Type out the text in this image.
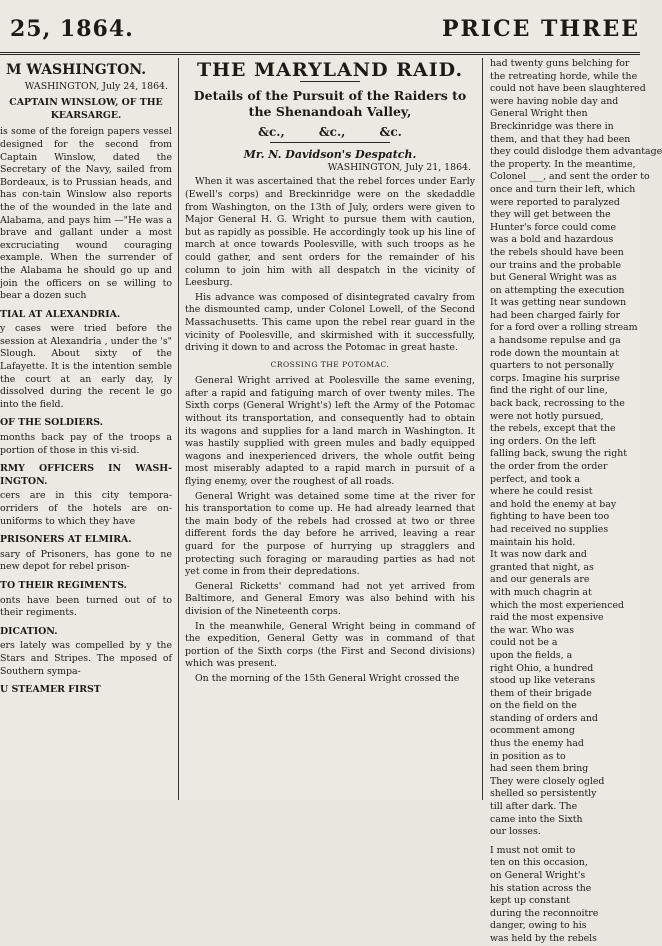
25, 1864.	PRICE THREE
M WASHINGTON.
WASHINGTON, July 24, 1864.
CAPTAIN WINSLOW, OF THE KEARSARGE.

is some of the foreign papers vessel designed for the second from Captain Winslow, dated the Secretary of the Navy, sailed from Bordeaux, is to Prussian heads, and has con-tain Winslow also reports the of the wounded in the late and Alabama, and pays him —"He was a brave and gallant under a most excruciating wound couraging example. When the surrender of the Alabama he should go up and join the officers on se willing to bear a dozen such

TIAL AT ALEXANDRIA.

y cases were tried before the session at Alexandria , under the 's" Slough. About sixty of the Lafayette. It is the intention semble the court at an early day, ly dissolved during the recent le go into the field.

OF THE SOLDIERS.

months back pay of the troops a portion of those in this vi-sid.

RMY OFFICERS IN WASH-INGTON.

cers are in this city tempora-orriders of the hotels are on-uniforms to which they have

PRISONERS AT ELMIRA.

sary of Prisoners, has gone to ne new depot for rebel prison-

TO THEIR REGIMENTS.

onts have been turned out of to their regiments.

DICATION.

ers lately was compelled by y the Stars and Stripes. The mposed of Southern sympa-

U STEAMER FIRST
THE MARYLAND RAID.
Details of the Pursuit of the Raiders to the Shenandoah Valley,
&c., &c., &c.
Mr. N. Davidson's Despatch.
WASHINGTON, July 21, 1864.

When it was ascertained that the rebel forces under Early (Ewell's corps) and Breckinridge were on the skedaddle from Washington, on the 13th of July, orders were given to Major General H. G. Wright to pursue them with caution, but as rapidly as possible. He accordingly took up his line of march at once towards Poolesville, with such troops as he could gather, and sent orders for the remainder of his column to join him with all despatch in the vicinity of Leesburg.

His advance was composed of disintegrated cavalry from the dismounted camp, under Colonel Lowell, of the Second Massachusetts. This came upon the rebel rear guard in the vicinity of Poolesville, and skirmished with it successfully, driving it down to and across the Potomac in great haste.

CROSSING THE POTOMAC.

General Wright arrived at Poolesville the same evening, after a rapid and fatiguing march of over twenty miles. The Sixth corps (General Wright's) left the Army of the Potomac without its transportation, and consequently had to obtain its wagons and supplies for a land march in Washington. It was hastily supplied with green mules and badly equipped wagons and inexperienced drivers, the whole outfit being most miserably adapted to a rapid march in pursuit of a flying enemy, over the roughest of all roads.

General Wright was detained some time at the river for his transportation to come up. He had already learned that the main body of the rebels had crossed at two or three different fords the day before he arrived, leaving a rear guard for the purpose of hurrying up stragglers and protecting such foraging or marauding parties as had not yet come in from their depredations.

General Ricketts' command had not yet arrived from Baltimore, and General Emory was also behind with his division of the Nineteenth corps.

In the meanwhile, General Wright being in command of the expedition, General Getty was in command of that portion of the Sixth corps (the First and Second divisions) which was present.

On the morning of the 15th General Wright crossed the

had twenty guns belching for
the retreating horde, while the
could not have been slaughtered
were having noble day and
General Wright then
Breckinridge was there in
them, and that they had been
they could dislodge them advantage
the property. In the meantime,
Colonel ___, and sent the order to
once and turn their left, which
were reported to paralyzed
they will get between the
Hunter's force could come
was a bold and hazardous
the rebels should have been
our trains and the probable
but General Wright was as
on attempting the execution
It was getting near sundown
had been charged fairly for
for a ford over a rolling stream
a handsome repulse and ga
rode down the mountain at
quarters to not personally
corps. Imagine his surprise
find the right of our line,
back back, recrossing to the
were not hotly pursued,
the rebels, except that the
ing orders. On the left
falling back, swung the right
the order from the order
perfect, and took a
where he could resist
and hold the enemy at bay
fighting to have been too
had received no supplies
maintain his hold.
It was now dark and
granted that night, as
and our generals are
with much chagrin at
which the most experienced
raid the most expensive
the war. Who was
could not be a
upon the fields, a
right Ohio, a hundred
stood up like veterans
them of their brigade
on the field on the
standing of orders and
ocomment among
thus the enemy had
in position as to
had seen them bring
They were closely ogled
shelled so persistently
till after dark. The
came into the Sixth
our losses.
I must not omit to
ten on this occasion,
on General Wright's
his station across the
kept up constant
during the reconnoitre
danger, owing to his
was held by the rebels
